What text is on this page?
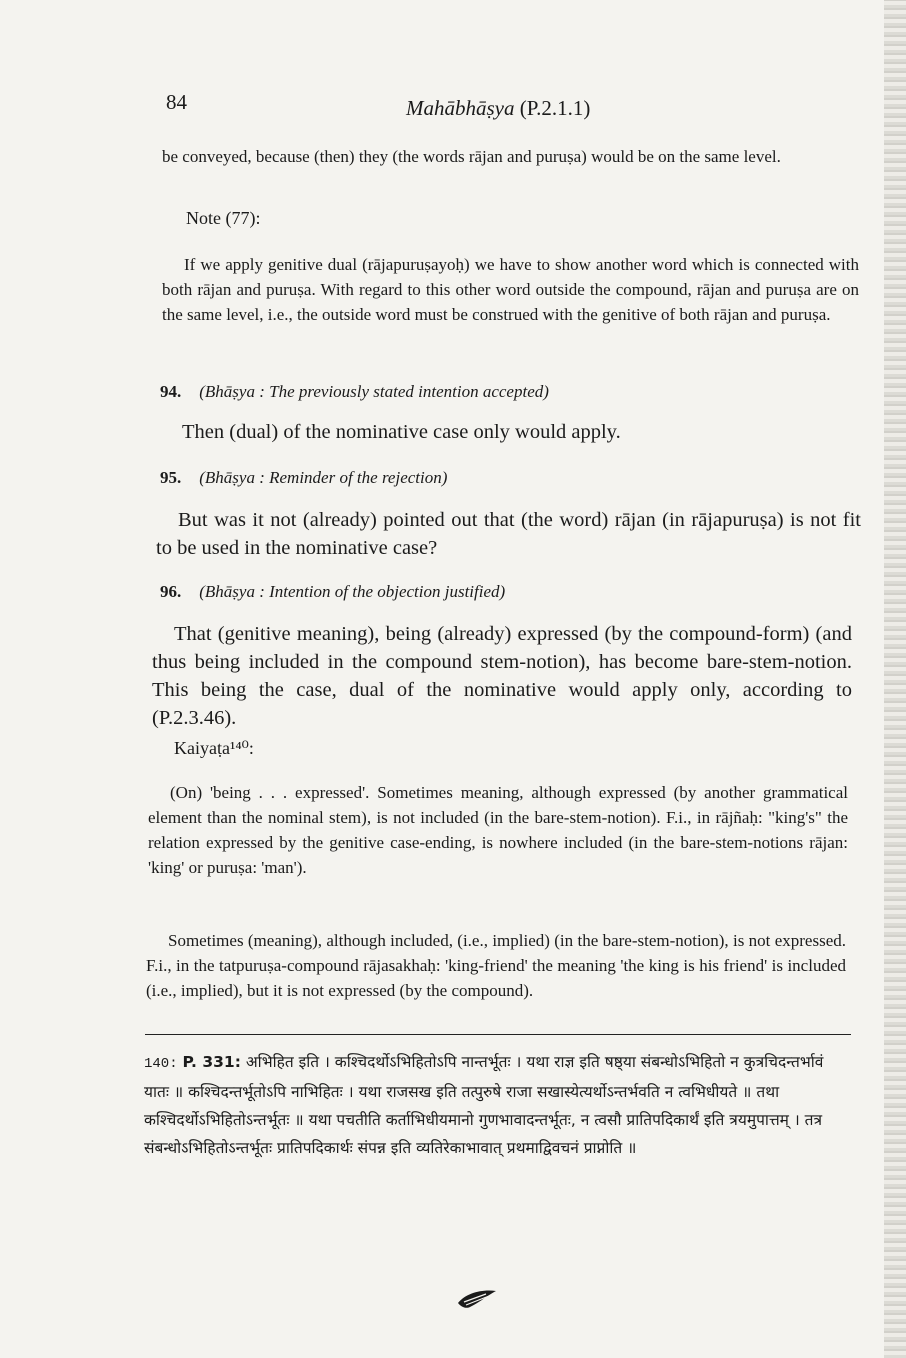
84	Mahābhāṣya (P.2.1.1)
be conveyed, because (then) they (the words rājan and puruṣa) would be on the same level.
Note (77):
If we apply genitive dual (rājapuruṣayoḥ) we have to show another word which is connected with both rājan and puruṣa. With regard to this other word outside the compound, rājan and puruṣa are on the same level, i.e., the outside word must be construed with the genitive of both rājan and puruṣa.
94. (Bhāṣya : The previously stated intention accepted)
Then (dual) of the nominative case only would apply.
95. (Bhāṣya : Reminder of the rejection)
But was it not (already) pointed out that (the word) rājan (in rājapuruṣa) is not fit to be used in the nominative case?
96. (Bhāṣya : Intention of the objection justified)
That (genitive meaning), being (already) expressed (by the compound-form) (and thus being included in the compound stem-notion), has become bare-stem-notion. This being the case, dual of the nominative would apply only, according to (P.2.3.46).
Kaiyaṭa¹⁴⁰:
(On) 'being . . . expressed'. Sometimes meaning, although expressed (by another grammatical element than the nominal stem), is not included (in the bare-stem-notion). F.i., in rājñaḥ: "king's" the relation expressed by the genitive case-ending, is nowhere included (in the bare-stem-notions rājan: 'king' or puruṣa: 'man').
Sometimes (meaning), although included, (i.e., implied) (in the bare-stem-notion), is not expressed. F.i., in the tatpuruṣa-compound rājasakhaḥ: 'king-friend' the meaning 'the king is his friend' is included (i.e., implied), but it is not expressed (by the compound).
140: P. 331: अभिहित इति । कश्चिदर्थोऽभिहितोऽपि नान्तर्भूतः । यथा राज्ञ इति षष्ठ्या संबन्धोऽभिहितो न कुत्रचिदन्तर्भावं यातः ॥ कश्चिदन्तर्भूतोऽपि नाभिहितः । यथा राजसख इति तत्पुरुषे राजा सखास्येत्यर्थोऽन्तर्भवति न त्वभिधीयते ॥ तथा कश्चिदर्थोऽभिहितोऽन्तर्भूतः ॥ यथा पचतीति कर्ताभिधीयमानो गुणभावादन्तर्भूतः, न त्वसौ प्रातिपदिकार्थं इति त्रयमुपात्तम् । तत्र संबन्धोऽभिहितोऽन्तर्भूतः प्रातिपदिकार्थः संपन्न इति व्यतिरेकाभावात् प्रथमाद्विवचनं प्राप्नोति ॥
